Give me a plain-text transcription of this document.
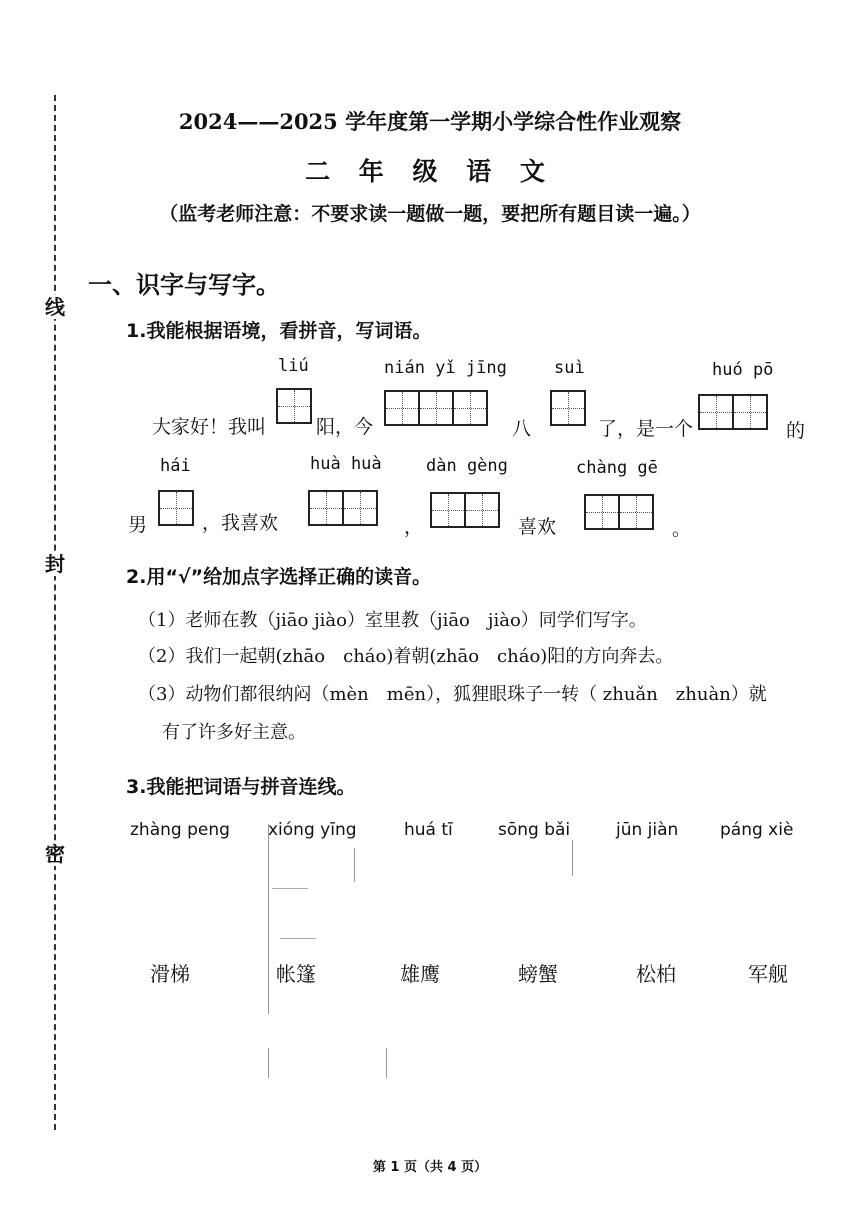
线
封
密
2024——2025 学年度第一学期小学综合性作业观察
二 年 级 语 文
（监考老师注意：不要求读一题做一题，要把所有题目读一遍。）
一、识字与写字。
1.我能根据语境，看拼音，写词语。
liú	nián yǐ jīng	suì	huó pō
大家好！我叫	阳，今	八	了，是一个	的
hái	huà huà	dàn gèng	chàng gē
男	，我喜欢	，	喜欢	。
2.用“√”给加点字选择正确的读音。
（1）老师在教（jiāo jiào）室里教（jiāo　jiào）同学们写字。
（2）我们一起朝(zhāo　cháo)着朝(zhāo　cháo)阳的方向奔去。
（3）动物们都很纳闷（mèn　mēn），狐狸眼珠子一转（ zhuǎn　zhuàn）就
有了许多好主意。
3.我能把词语与拼音连线。
zhàng peng xióng yīng	huá tī	sōng bǎi	jūn jiàn páng xiè
滑梯	帐篷	雄鹰	螃蟹	松柏	军舰
第 1 页（共 4 页）
